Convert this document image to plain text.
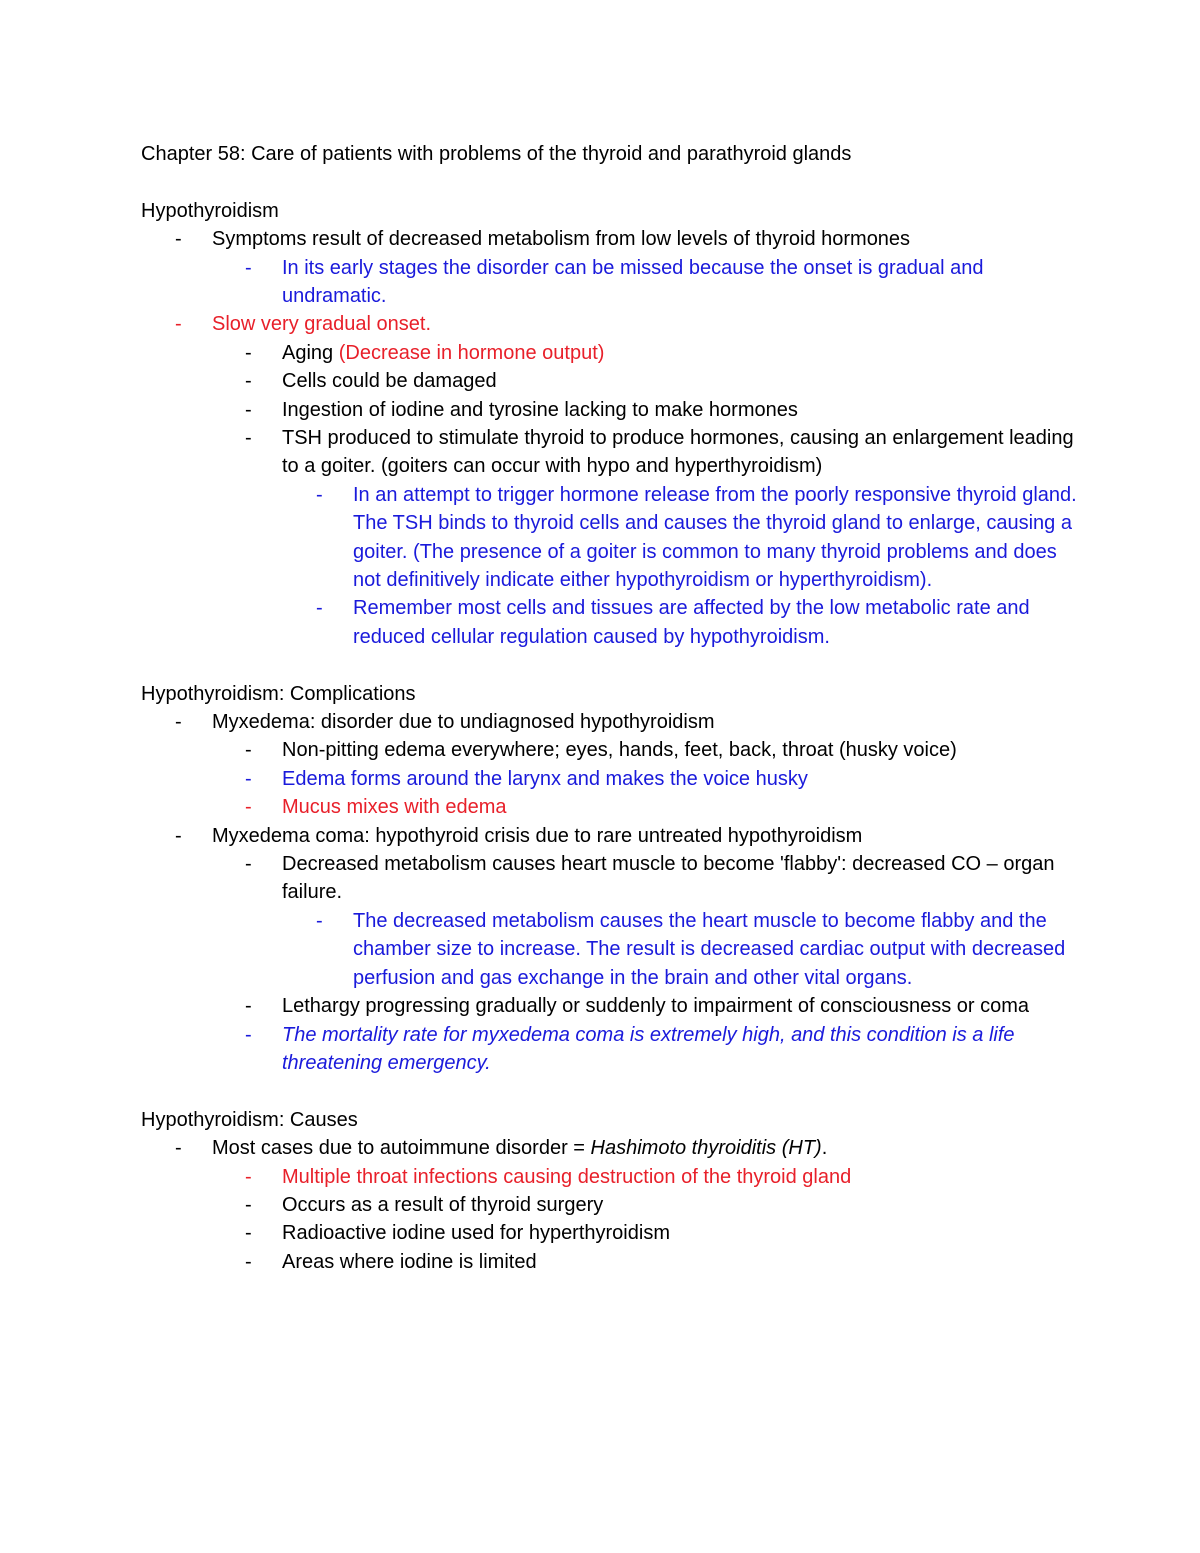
Chapter 58: Care of patients with problems of the thyroid and parathyroid glands
Hypothyroidism
- Symptoms result of decreased metabolism from low levels of thyroid hormones
- In its early stages the disorder can be missed because the onset is gradual and undramatic.
- Slow very gradual onset.
- Aging (Decrease in hormone output)
- Cells could be damaged
- Ingestion of iodine and tyrosine lacking to make hormones
- TSH produced to stimulate thyroid to produce hormones, causing an enlargement leading to a goiter. (goiters can occur with hypo and hyperthyroidism)
- In an attempt to trigger hormone release from the poorly responsive thyroid gland. The TSH binds to thyroid cells and causes the thyroid gland to enlarge, causing a goiter. (The presence of a goiter is common to many thyroid problems and does not definitively indicate either hypothyroidism or hyperthyroidism).
- Remember most cells and tissues are affected by the low metabolic rate and reduced cellular regulation caused by hypothyroidism.
Hypothyroidism: Complications
- Myxedema: disorder due to undiagnosed hypothyroidism
- Non-pitting edema everywhere; eyes, hands, feet, back, throat (husky voice)
- Edema forms around the larynx and makes the voice husky
- Mucus mixes with edema
- Myxedema coma: hypothyroid crisis due to rare untreated hypothyroidism
- Decreased metabolism causes heart muscle to become 'flabby': decreased CO – organ failure.
- The decreased metabolism causes the heart muscle to become flabby and the chamber size to increase. The result is decreased cardiac output with decreased perfusion and gas exchange in the brain and other vital organs.
- Lethargy progressing gradually or suddenly to impairment of consciousness or coma
- The mortality rate for myxedema coma is extremely high, and this condition is a life threatening emergency.
Hypothyroidism: Causes
- Most cases due to autoimmune disorder = Hashimoto thyroiditis (HT).
- Multiple throat infections causing destruction of the thyroid gland
- Occurs as a result of thyroid surgery
- Radioactive iodine used for hyperthyroidism
- Areas where iodine is limited
